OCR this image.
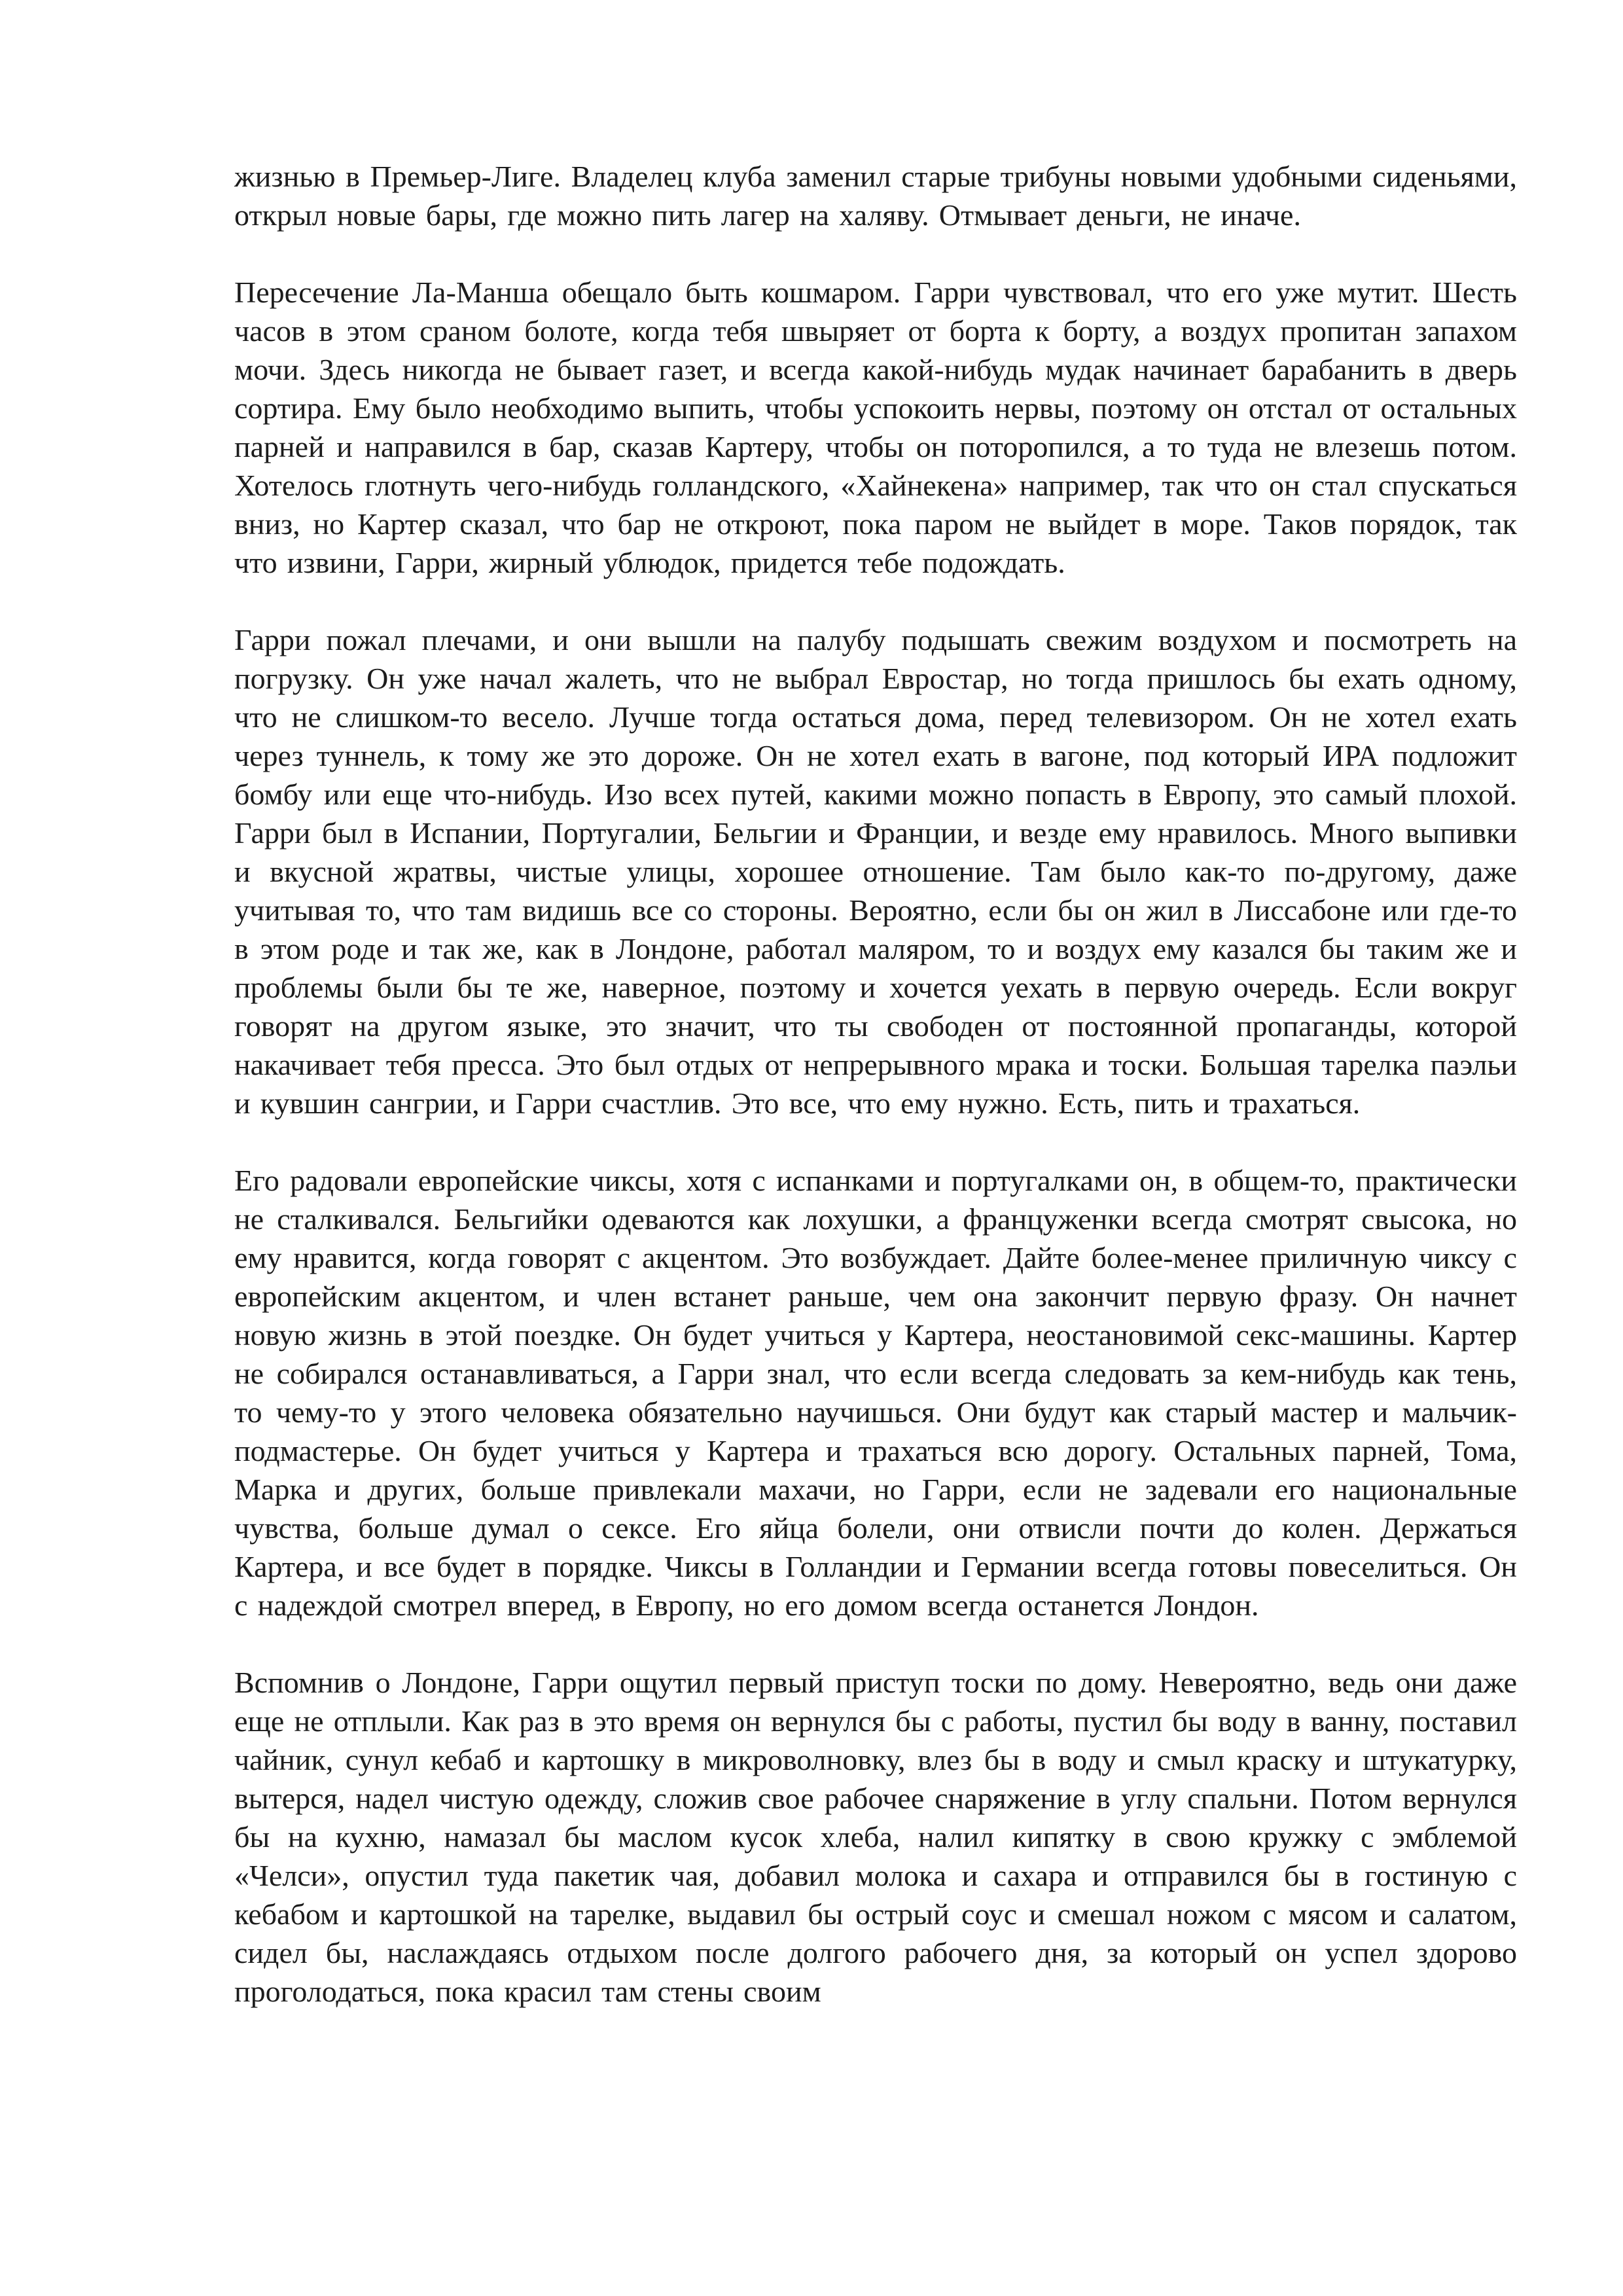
жизнью в Премьер-Лиге. Владелец клуба заменил старые трибуны новыми удобными сиденьями, открыл новые бары, где можно пить лагер на халяву. Отмывает деньги, не иначе.

Пересечение Ла-Манша обещало быть кошмаром. Гарри чувствовал, что его уже мутит. Шесть часов в этом сраном болоте, когда тебя швыряет от борта к борту, а воздух пропитан запахом мочи. Здесь никогда не бывает газет, и всегда какой-нибудь мудак начинает барабанить в дверь сортира. Ему было необходимо выпить, чтобы успокоить нервы, поэтому он отстал от остальных парней и направился в бар, сказав Картеру, чтобы он поторопился, а то туда не влезешь потом. Хотелось глотнуть чего-нибудь голландского, «Хайнекена» например, так что он стал спускаться вниз, но Картер сказал, что бар не откроют, пока паром не выйдет в море. Таков порядок, так что извини, Гарри, жирный ублюдок, придется тебе подождать.

Гарри пожал плечами, и они вышли на палубу подышать свежим воздухом и посмотреть на погрузку. Он уже начал жалеть, что не выбрал Евростар, но тогда пришлось бы ехать одному, что не слишком-то весело. Лучше тогда остаться дома, перед телевизором. Он не хотел ехать через туннель, к тому же это дороже. Он не хотел ехать в вагоне, под который ИРА подложит бомбу или еще что-нибудь. Изо всех путей, какими можно попасть в Европу, это самый плохой. Гарри был в Испании, Португалии, Бельгии и Франции, и везде ему нравилось. Много выпивки и вкусной жратвы, чистые улицы, хорошее отношение. Там было как-то по-другому, даже учитывая то, что там видишь все со стороны. Вероятно, если бы он жил в Лиссабоне или где-то в этом роде и так же, как в Лондоне, работал маляром, то и воздух ему казался бы таким же и проблемы были бы те же, наверное, поэтому и хочется уехать в первую очередь. Если вокруг говорят на другом языке, это значит, что ты свободен от постоянной пропаганды, которой накачивает тебя пресса. Это был отдых от непрерывного мрака и тоски. Большая тарелка паэльи и кувшин сангрии, и Гарри счастлив. Это все, что ему нужно. Есть, пить и трахаться.

Его радовали европейские чиксы, хотя с испанками и португалками он, в общем-то, практически не сталкивался. Бельгийки одеваются как лохушки, а француженки всегда смотрят свысока, но ему нравится, когда говорят с акцентом. Это возбуждает. Дайте более-менее приличную чиксу с европейским акцентом, и член встанет раньше, чем она закончит первую фразу. Он начнет новую жизнь в этой поездке. Он будет учиться у Картера, неостановимой секс-машины. Картер не собирался останавливаться, а Гарри знал, что если всегда следовать за кем-нибудь как тень, то чему-то у этого человека обязательно научишься. Они будут как старый мастер и мальчик-подмастерье. Он будет учиться у Картера и трахаться всю дорогу. Остальных парней, Тома, Марка и других, больше привлекали махачи, но Гарри, если не задевали его национальные чувства, больше думал о сексе. Его яйца болели, они отвисли почти до колен. Держаться Картера, и все будет в порядке. Чиксы в Голландии и Германии всегда готовы повеселиться. Он с надеждой смотрел вперед, в Европу, но его домом всегда останется Лондон.

Вспомнив о Лондоне, Гарри ощутил первый приступ тоски по дому. Невероятно, ведь они даже еще не отплыли. Как раз в это время он вернулся бы с работы, пустил бы воду в ванну, поставил чайник, сунул кебаб и картошку в микроволновку, влез бы в воду и смыл краску и штукатурку, вытерся, надел чистую одежду, сложив свое рабочее снаряжение в углу спальни. Потом вернулся бы на кухню, намазал бы маслом кусок хлеба, налил кипятку в свою кружку с эмблемой «Челси», опустил туда пакетик чая, добавил молока и сахара и отправился бы в гостиную с кебабом и картошкой на тарелке, выдавил бы острый соус и смешал ножом с мясом и салатом, сидел бы, наслаждаясь отдыхом после долгого рабочего дня, за который он успел здорово проголодаться, пока красил там стены своим
